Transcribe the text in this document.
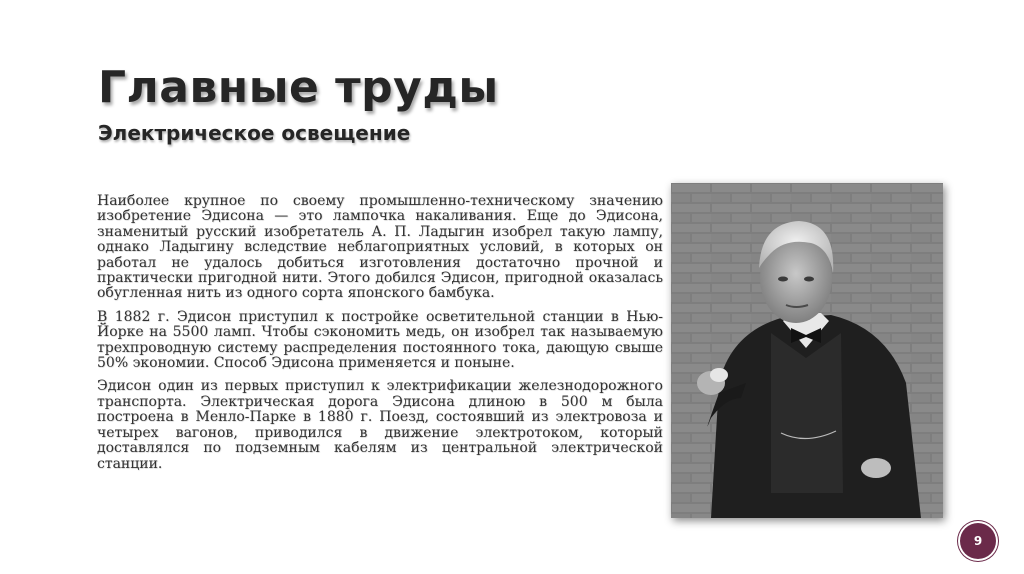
Главные труды
Электрическое освещение

Наиболее крупное по своему промышленно-техническому значению изобретение Эдисона — это лампочка накаливания. Еще до Эдисона, знаменитый русский изобретатель А. П. Ладыгин изобрел такую лампу, однако Ладыгину вследствие неблагоприятных условий, в которых он работал не удалось добиться изготовления достаточно прочной и практически пригодной нити. Этого добился Эдисон, пригодной оказалась обугленная нить из одного сорта японского бамбука.

В 1882 г. Эдисон приступил к постройке осветительной станции в Нью-Йорке на 5500 ламп. Чтобы сэкономить медь, он изобрел так называемую трехпроводную систему распределения постоянного тока, дающую свыше 50% экономии. Способ Эдисона применяется и поныне.

Эдисон один из первых приступил к электрификации железнодорожного транспорта. Электрическая дорога Эдисона длиною в 500 м была построена в Менло-Парке в 1880 г. Поезд, состоявший из электровоза и четырех вагонов, приводился в движение электротоком, который доставлялся по подземным кабелям из центральной электрической станции.

9
